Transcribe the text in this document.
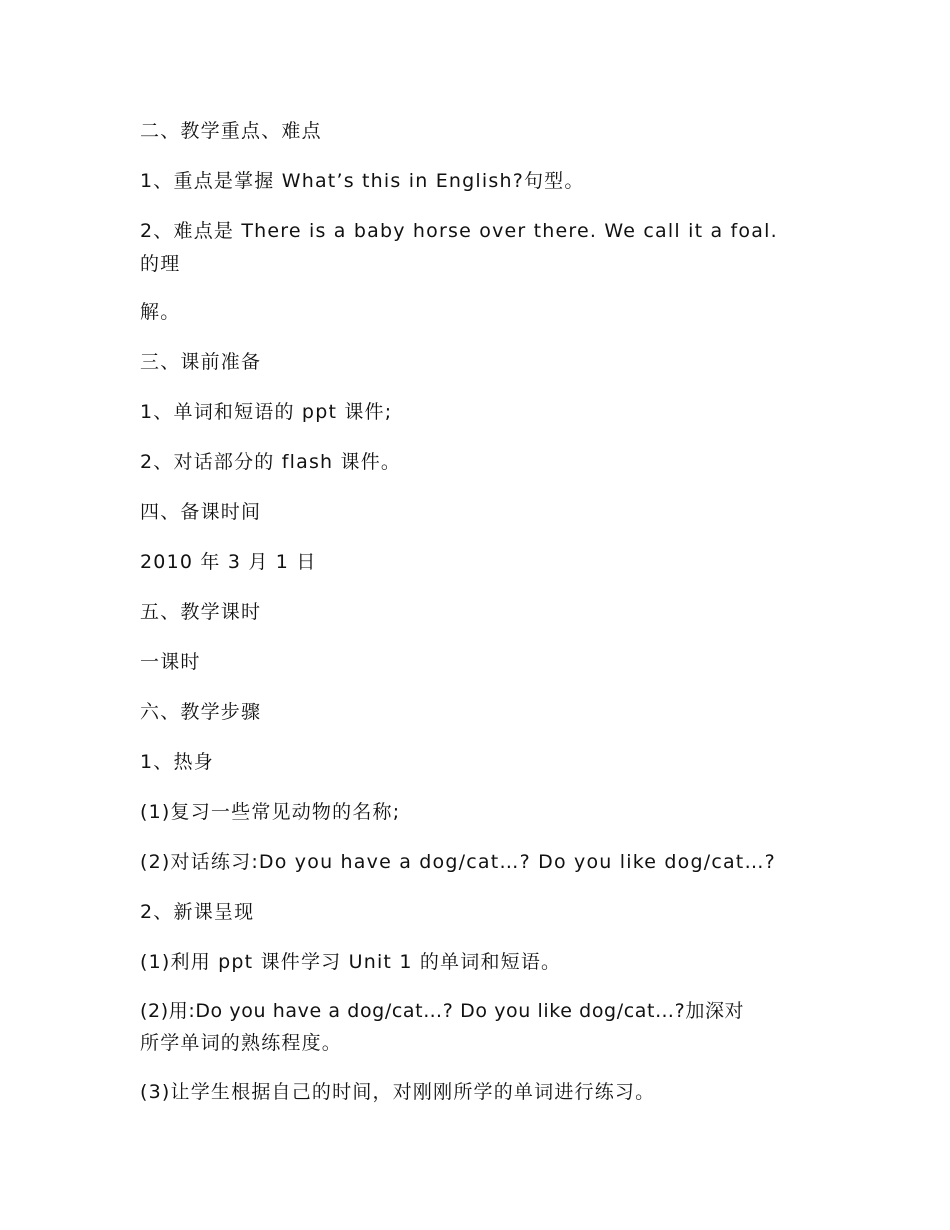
二、教学重点、难点
1、重点是掌握 What’s this in English?句型。
2、难点是 There is a baby horse over there. We call it a foal.
的理
解。
三、课前准备
1、单词和短语的 ppt 课件;
2、对话部分的 flash 课件。
四、备课时间
2010 年 3 月 1 日
五、教学课时
一课时
六、教学步骤
1、热身
(1)复习一些常见动物的名称;
(2)对话练习:Do you have a dog/cat…? Do you like dog/cat…?
2、新课呈现
(1)利用 ppt 课件学习 Unit 1 的单词和短语。
(2)用:Do you have a dog/cat…? Do you like dog/cat…?加深对
所学单词的熟练程度。
(3)让学生根据自己的时间，对刚刚所学的单词进行练习。
